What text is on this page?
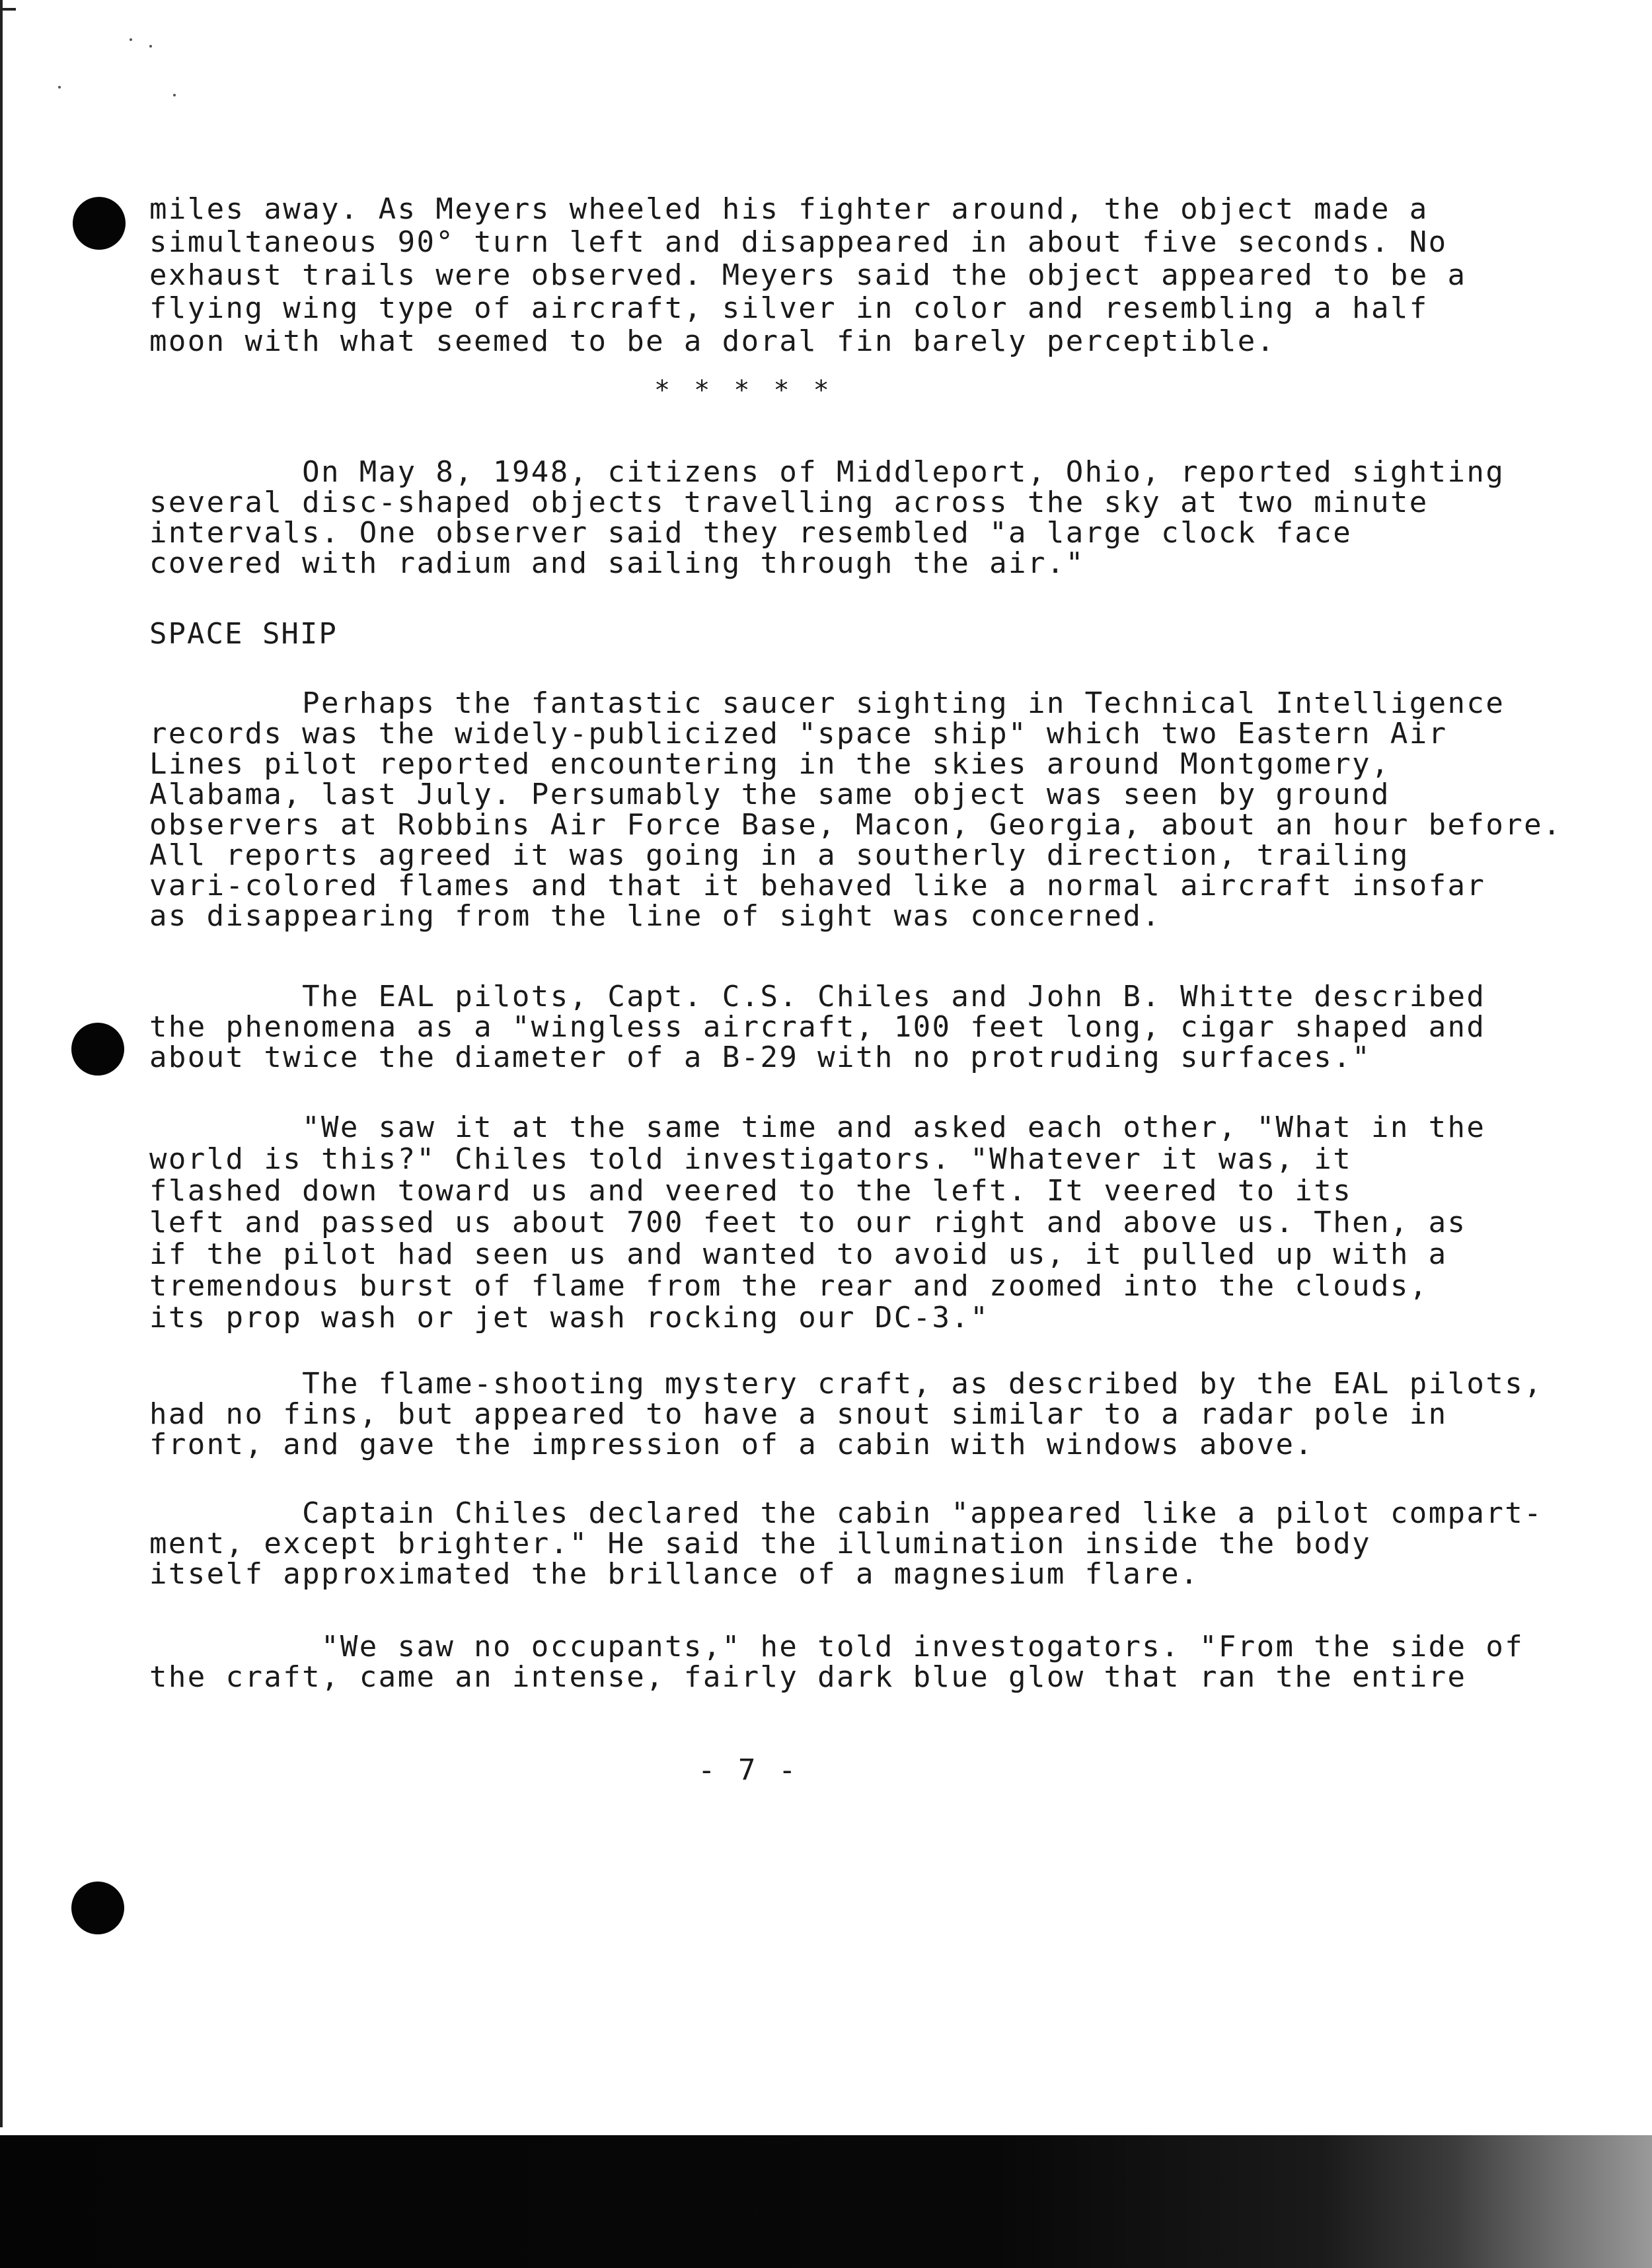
miles away. As Meyers wheeled his fighter around, the object made a
simultaneous 90° turn left and disappeared in about five seconds. No
exhaust trails were observed. Meyers said the object appeared to be a
flying wing type of aircraft, silver in color and resembling a half
moon with what seemed to be a doral fin barely perceptible.
* * * * *
On May 8, 1948, citizens of Middleport, Ohio, reported sighting
several disc-shaped objects travelling across the sky at two minute
intervals. One observer said they resembled "a large clock face
covered with radium and sailing through the air."
SPACE SHIP
Perhaps the fantastic saucer sighting in Technical Intelligence
records was the widely-publicized "space ship" which two Eastern Air
Lines pilot reported encountering in the skies around Montgomery,
Alabama, last July. Persumably the same object was seen by ground
observers at Robbins Air Force Base, Macon, Georgia, about an hour before.
All reports agreed it was going in a southerly direction, trailing
vari-colored flames and that it behaved like a normal aircraft insofar
as disappearing from the line of sight was concerned.
The EAL pilots, Capt. C.S. Chiles and John B. Whitte described
the phenomena as a "wingless aircraft, 100 feet long, cigar shaped and
about twice the diameter of a B-29 with no protruding surfaces."
"We saw it at the same time and asked each other, "What in the
world is this?" Chiles told investigators. "Whatever it was, it
flashed down toward us and veered to the left. It veered to its
left and passed us about 700 feet to our right and above us. Then, as
if the pilot had seen us and wanted to avoid us, it pulled up with a
tremendous burst of flame from the rear and zoomed into the clouds,
its prop wash or jet wash rocking our DC-3."
The flame-shooting mystery craft, as described by the EAL pilots,
had no fins, but appeared to have a snout similar to a radar pole in
front, and gave the impression of a cabin with windows above.
Captain Chiles declared the cabin "appeared like a pilot compart-
ment, except brighter." He said the illumination inside the body
itself approximated the brillance of a magnesium flare.
"We saw no occupants," he told investogators. "From the side of
the craft, came an intense, fairly dark blue glow that ran the entire
- 7 -
